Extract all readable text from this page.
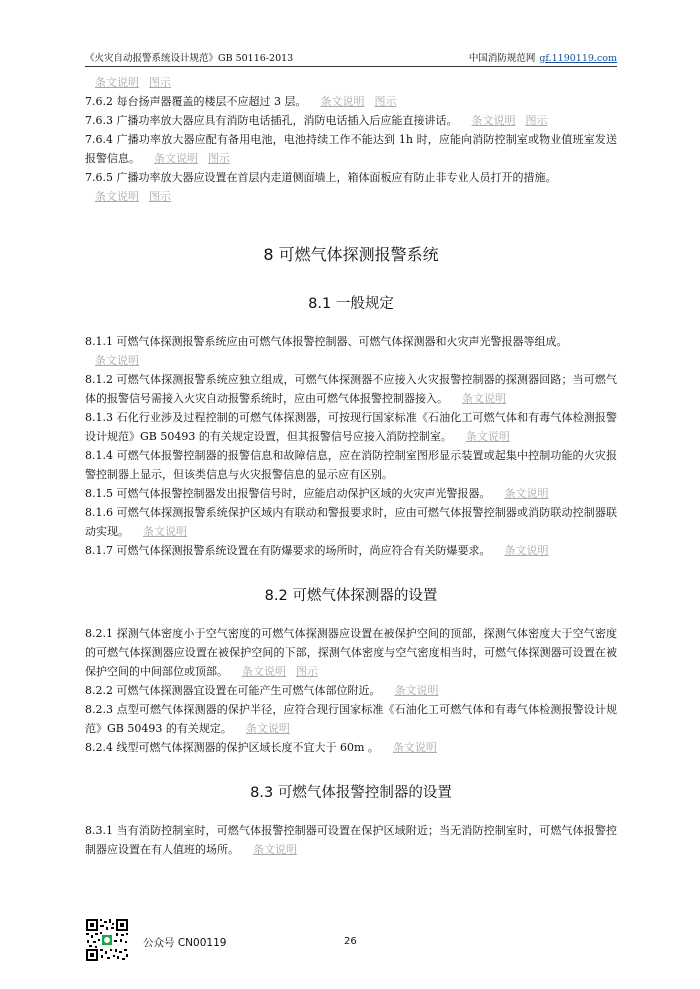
《火灾自动报警系统设计规范》GB 50116-2013	中国消防规范网 gf.1190119.com
条文说明 图示
7.6.2 每台扬声器覆盖的楼层不应超过 3 层。 条文说明 图示
7.6.3 广播功率放大器应具有消防电话插孔，消防电话插入后应能直接讲话。 条文说明 图示
7.6.4 广播功率放大器应配有备用电池，电池持续工作不能达到 1h 时，应能向消防控制室或物业值班室发送报警信息。 条文说明 图示
7.6.5 广播功率放大器应设置在首层内走道侧面墙上，箱体面板应有防止非专业人员打开的措施。
条文说明 图示
8 可燃气体探测报警系统
8.1 一般规定
8.1.1 可燃气体探测报警系统应由可燃气体报警控制器、可燃气体探测器和火灾声光警报器等组成。
条文说明
8.1.2 可燃气体探测报警系统应独立组成，可燃气体探测器不应接入火灾报警控制器的探测器回路；当可燃气体的报警信号需接入火灾自动报警系统时，应由可燃气体报警控制器接入。 条文说明
8.1.3 石化行业涉及过程控制的可燃气体探测器，可按现行国家标准《石油化工可燃气体和有毒气体检测报警设计规范》GB 50493 的有关规定设置，但其报警信号应接入消防控制室。 条文说明
8.1.4 可燃气体报警控制器的报警信息和故障信息，应在消防控制室图形显示装置或起集中控制功能的火灾报警控制器上显示，但该类信息与火灾报警信息的显示应有区别。
8.1.5 可燃气体报警控制器发出报警信号时，应能启动保护区域的火灾声光警报器。 条文说明
8.1.6 可燃气体探测报警系统保护区域内有联动和警报要求时，应由可燃气体报警控制器或消防联动控制器联动实现。 条文说明
8.1.7 可燃气体探测报警系统设置在有防爆要求的场所时，尚应符合有关防爆要求。 条文说明
8.2 可燃气体探测器的设置
8.2.1 探测气体密度小于空气密度的可燃气体探测器应设置在被保护空间的顶部，探测气体密度大于空气密度的可燃气体探测器应设置在被保护空间的下部，探测气体密度与空气密度相当时，可燃气体探测器可设置在被保护空间的中间部位或顶部。 条文说明 图示
8.2.2 可燃气体探测器宜设置在可能产生可燃气体部位附近。 条文说明
8.2.3 点型可燃气体探测器的保护半径，应符合现行国家标准《石油化工可燃气体和有毒气体检测报警设计规范》GB 50493 的有关规定。 条文说明
8.2.4 线型可燃气体探测器的保护区域长度不宜大于 60m 。 条文说明
8.3 可燃气体报警控制器的设置
8.3.1 当有消防控制室时，可燃气体报警控制器可设置在保护区域附近；当无消防控制室时，可燃气体报警控制器应设置在有人值班的场所。 条文说明
公众号 CN00119	26
